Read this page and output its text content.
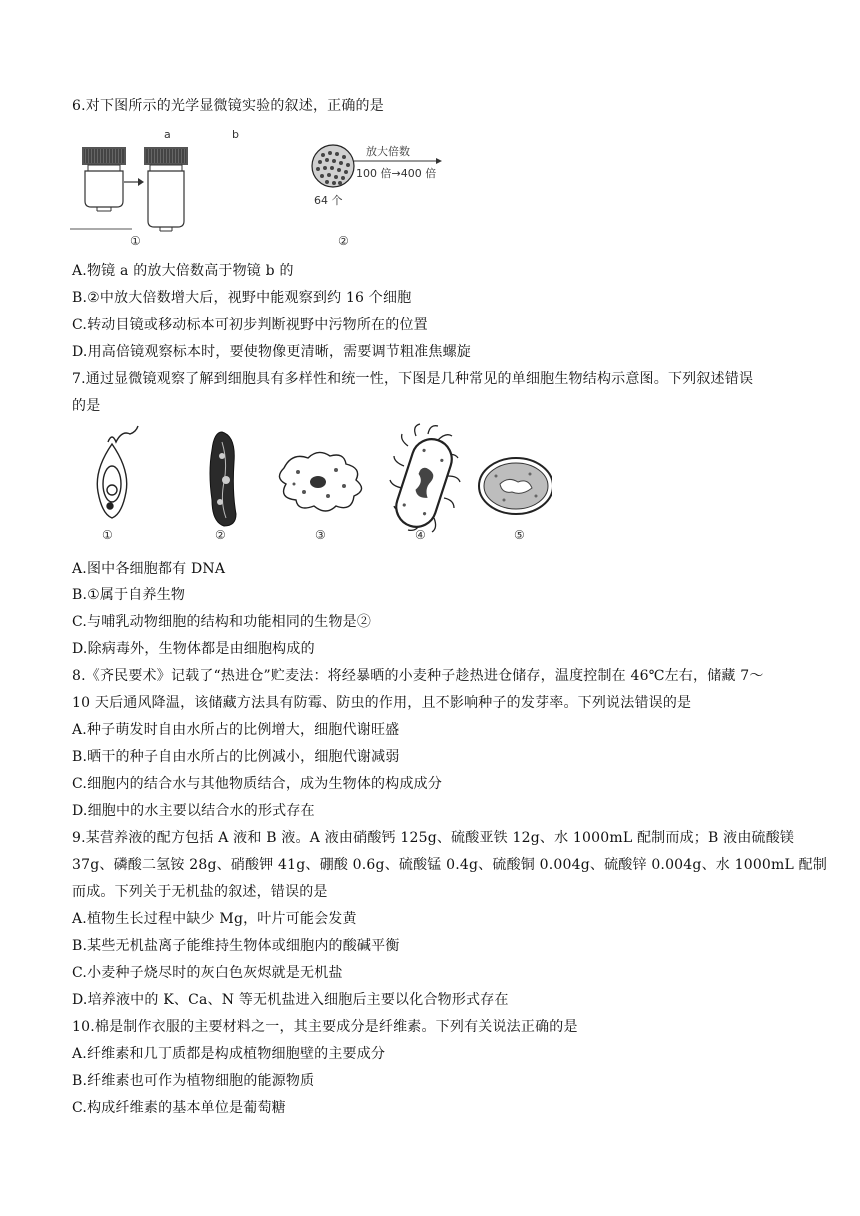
6.对下图所示的光学显微镜实验的叙述，正确的是
a	b
①
64 个
放大倍数
100 倍→400 倍
②
A.物镜 a 的放大倍数高于物镜 b 的
B.②中放大倍数增大后，视野中能观察到约 16 个细胞
C.转动目镜或移动标本可初步判断视野中污物所在的位置
D.用高倍镜观察标本时，要使物像更清晰，需要调节粗准焦螺旋
7.通过显微镜观察了解到细胞具有多样性和统一性，下图是几种常见的单细胞生物结构示意图。下列叙述错误
的是
①	②	③	④	⑤
A.图中各细胞都有 DNA
B.①属于自养生物
C.与哺乳动物细胞的结构和功能相同的生物是②
D.除病毒外，生物体都是由细胞构成的
8.《齐民要术》记载了“热进仓”贮麦法：将经暴晒的小麦种子趁热进仓储存，温度控制在 46℃左右，储藏 7～
10 天后通风降温，该储藏方法具有防霉、防虫的作用，且不影响种子的发芽率。下列说法错误的是
A.种子萌发时自由水所占的比例增大，细胞代谢旺盛
B.晒干的种子自由水所占的比例减小，细胞代谢减弱
C.细胞内的结合水与其他物质结合，成为生物体的构成成分
D.细胞中的水主要以结合水的形式存在
9.某营养液的配方包括 A 液和 B 液。A 液由硝酸钙 125g、硫酸亚铁 12g、水 1000mL 配制而成；B 液由硫酸镁
37g、磷酸二氢铵 28g、硝酸钾 41g、硼酸 0.6g、硫酸锰 0.4g、硫酸铜 0.004g、硫酸锌 0.004g、水 1000mL 配制
而成。下列关于无机盐的叙述，错误的是
A.植物生长过程中缺少 Mg，叶片可能会发黄
B.某些无机盐离子能维持生物体或细胞内的酸碱平衡
C.小麦种子烧尽时的灰白色灰烬就是无机盐
D.培养液中的 K、Ca、N 等无机盐进入细胞后主要以化合物形式存在
10.棉是制作衣服的主要材料之一，其主要成分是纤维素。下列有关说法正确的是
A.纤维素和几丁质都是构成植物细胞壁的主要成分
B.纤维素也可作为植物细胞的能源物质
C.构成纤维素的基本单位是葡萄糖
